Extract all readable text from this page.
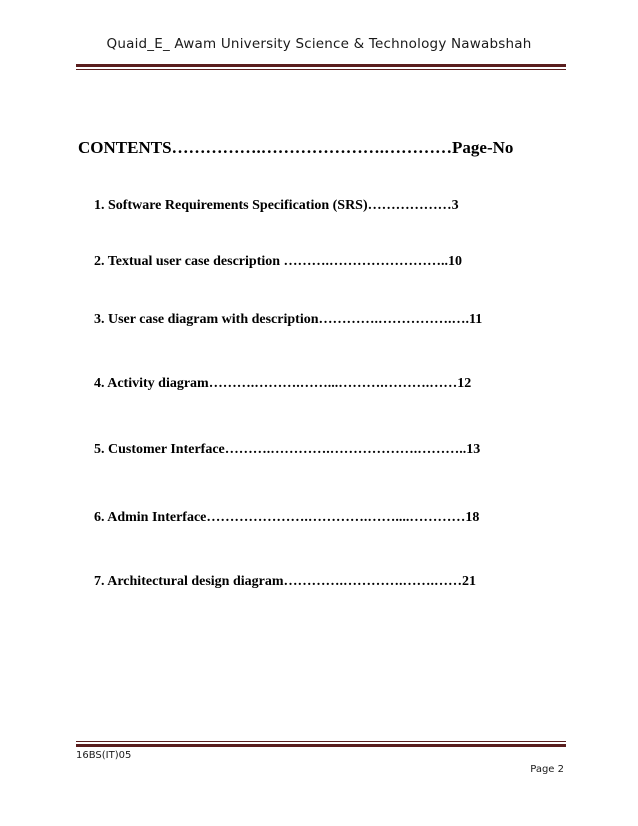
Quaid_E_ Awam University Science & Technology Nawabshah
CONTENTS…………….………………….…………Page-No
1. Software Requirements Specification (SRS)………………3
2. Textual user case description ……….……………………..10
3. User case diagram with description………….…………….….11
4. Activity diagram……….……….……...……….……….……12
5. Customer Interface……….………….……………….………..13
6. Admin Interface………………….………….……....…………18
7. Architectural design diagram………….………….…….……21
16BS(IT)05
Page 2
